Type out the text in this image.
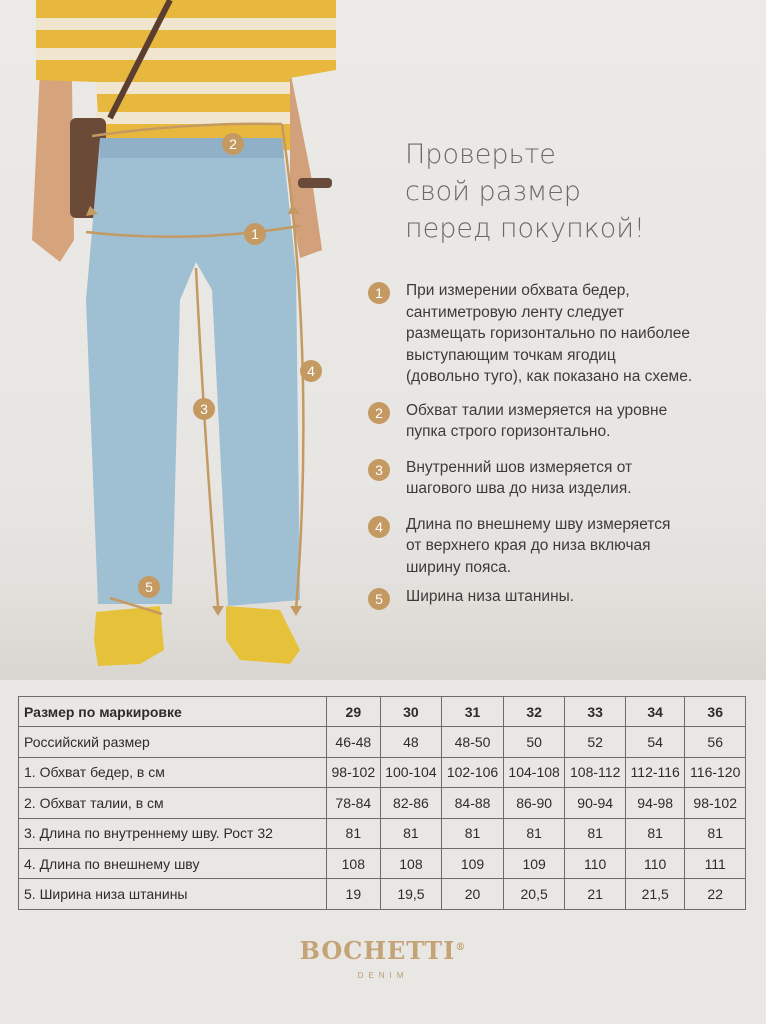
1
2
3
4
5
Проверьте
свой размер
перед покупкой!
1	При измерении обхвата бедер,
сантиметровую ленту следует
размещать горизонтально по наиболее
выступающим точкам ягодиц
(довольно туго), как показано на схеме.
2	Обхват талии измеряется на уровне
пупка строго горизонтально.
3	Внутренний шов измеряется от
шагового шва до низа изделия.
4	Длина по внешнему шву измеряется
от верхнего края до низа включая
ширину пояса.
5	Ширина низа штанины.
Размер по маркировке	29	30	31	32	33	34	36
Российский размер	46-48	48	48-50	50	52	54	56
1. Обхват бедер, в см	98-102	100-104	102-106	104-108	108-112	112-116	116-120
2. Обхват талии, в см	78-84	82-86	84-88	86-90	90-94	94-98	98-102
3. Длина по внутреннему шву. Рост 32	81	81	81	81	81	81	81
4. Длина по внешнему шву	108	108	109	109	110	110	111
5. Ширина низа штанины	19	19,5	20	20,5	21	21,5	22
BOCHETTI®
DENIM
